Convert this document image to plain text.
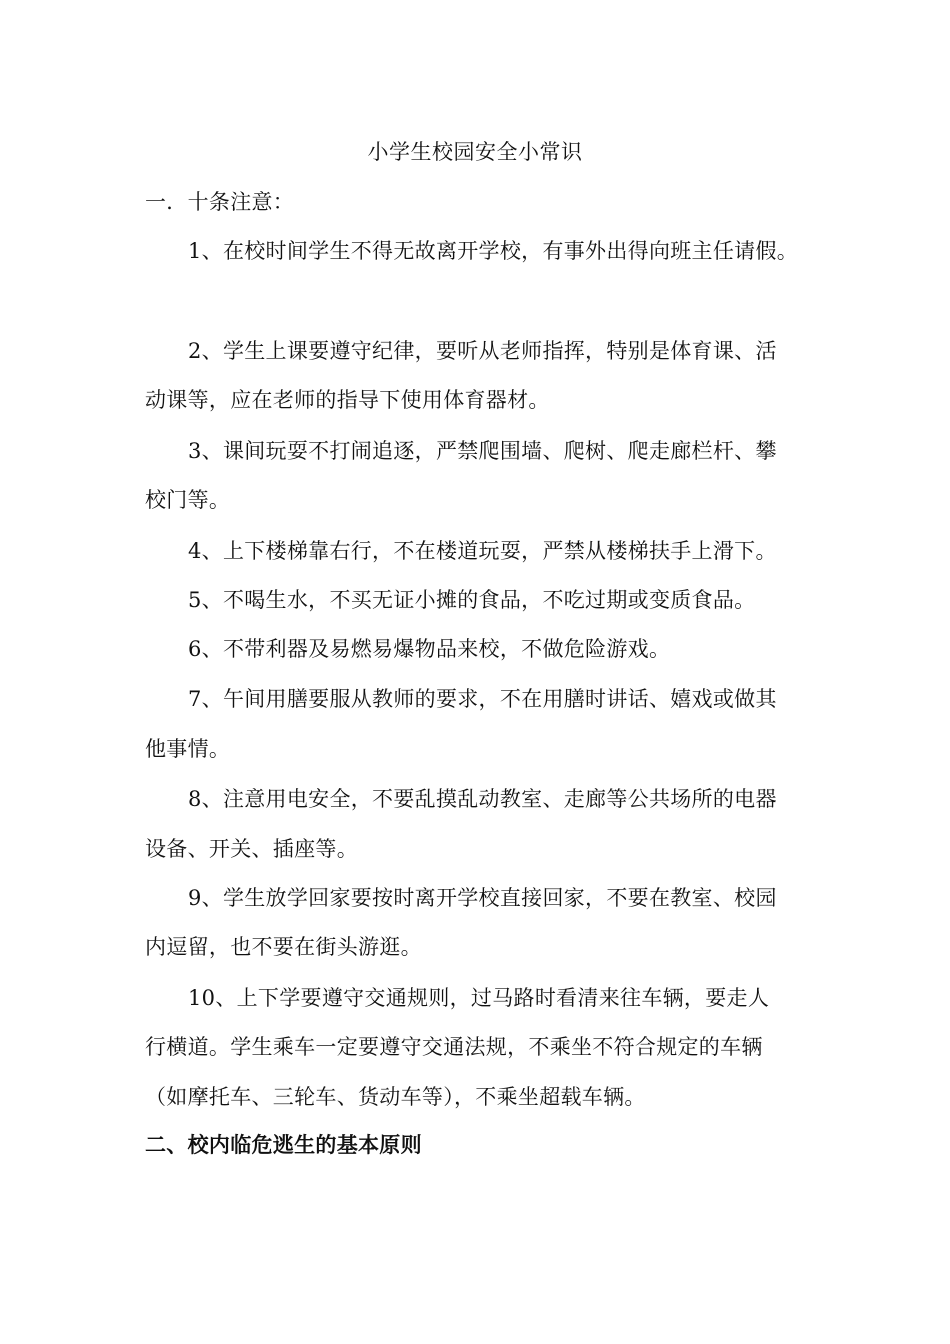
小学生校园安全小常识
一．十条注意：
1、在校时间学生不得无故离开学校，有事外出得向班主任请假。
2、学生上课要遵守纪律，要听从老师指挥，特别是体育课、活
动课等，应在老师的指导下使用体育器材。
3、课间玩耍不打闹追逐，严禁爬围墙、爬树、爬走廊栏杆、攀
校门等。
4、上下楼梯靠右行，不在楼道玩耍，严禁从楼梯扶手上滑下。
5、不喝生水，不买无证小摊的食品，不吃过期或变质食品。
6、不带利器及易燃易爆物品来校，不做危险游戏。
7、午间用膳要服从教师的要求，不在用膳时讲话、嬉戏或做其
他事情。
8、注意用电安全，不要乱摸乱动教室、走廊等公共场所的电器
设备、开关、插座等。
9、学生放学回家要按时离开学校直接回家，不要在教室、校园
内逗留，也不要在街头游逛。
10、上下学要遵守交通规则，过马路时看清来往车辆，要走人
行横道。学生乘车一定要遵守交通法规，不乘坐不符合规定的车辆
（如摩托车、三轮车、货动车等），不乘坐超载车辆。
二、校内临危逃生的基本原则
